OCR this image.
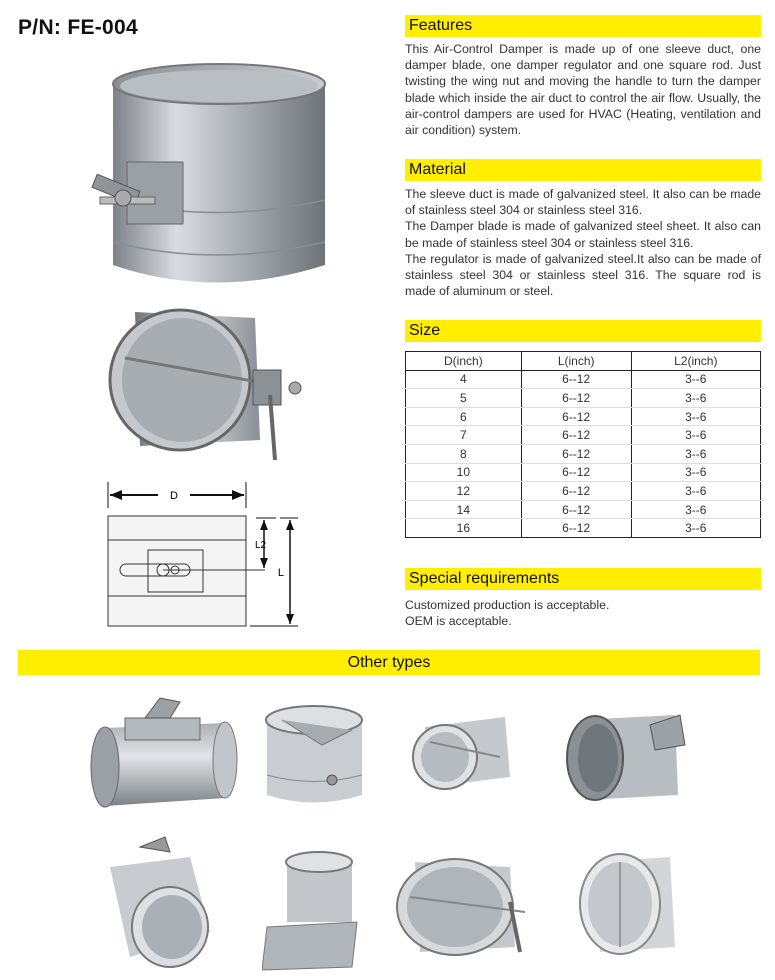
P/N: FE-004
D
L2
L
Features

This Air-Control Damper is made up of one sleeve duct, one damper blade, one damper regulator and one square rod. Just twisting the wing nut and moving the handle to turn the damper blade which inside the air duct to control the air flow. Usually, the air-control dampers are used for HVAC (Heating, ventilation and air condition) system.

Material

The sleeve duct is made of galvanized steel. It also can be made of stainless steel 304 or stainless steel 316.

The Damper blade is made of galvanized steel sheet. It also can be made of stainless steel 304 or stainless steel 316.

The regulator is made of galvanized steel.It also can be made of stainless steel 304 or stainless steel 316. The square rod is made of aluminum or steel.

Size
D(inch)	L(inch)	L2(inch)
4	6--12	3--6
5	6--12	3--6
6	6--12	3--6
7	6--12	3--6
8	6--12	3--6
10	6--12	3--6
12	6--12	3--6
14	6--12	3--6
16	6--12	3--6
Special requirements

Customized production is acceptable.

OEM is acceptable.

Other types
